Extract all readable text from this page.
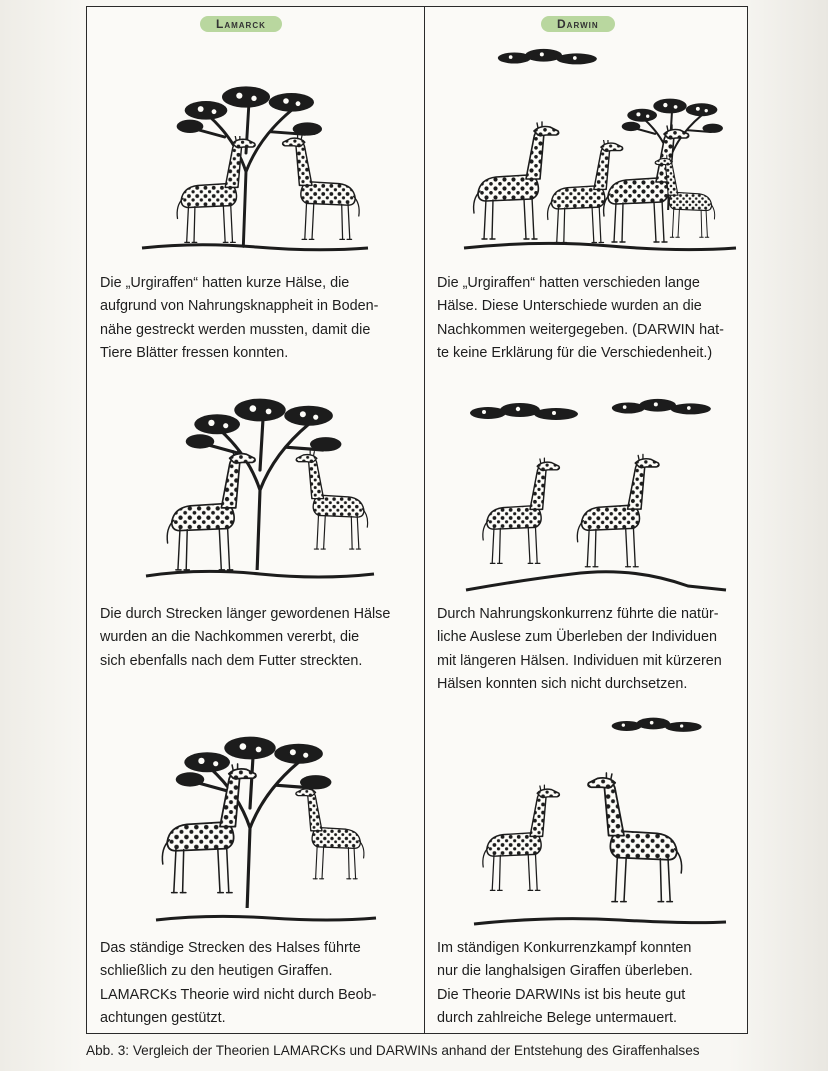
Lamarck	Darwin

Die „Urgiraffen“ hatten kurze Hälse, die
aufgrund von Nahrungsknappheit in Boden-
nähe gestreckt werden mussten, damit die
Tiere Blätter fressen konnten.

Die „Urgiraffen“ hatten verschieden lange
Hälse. Diese Unterschiede wurden an die
Nachkommen weitergegeben. (DARWIN hat-
te keine Erklärung für die Verschiedenheit.)

Die durch Strecken länger gewordenen Hälse
wurden an die Nachkommen vererbt, die
sich ebenfalls nach dem Futter streckten.

Durch Nahrungskonkurrenz führte die natür-
liche Auslese zum Überleben der Individuen
mit längeren Hälsen. Individuen mit kürzeren
Hälsen konnten sich nicht durchsetzen.

Das ständige Strecken des Halses führte
schließlich zu den heutigen Giraffen.
LAMARCKs Theorie wird nicht durch Beob-
achtungen gestützt.

Im ständigen Konkurrenzkampf konnten
nur die langhalsigen Giraffen überleben.
Die Theorie DARWINs ist bis heute gut
durch zahlreiche Belege untermauert.

Abb. 3: Vergleich der Theorien LAMARCKs und DARWINs anhand der Entstehung des Giraffenhalses
